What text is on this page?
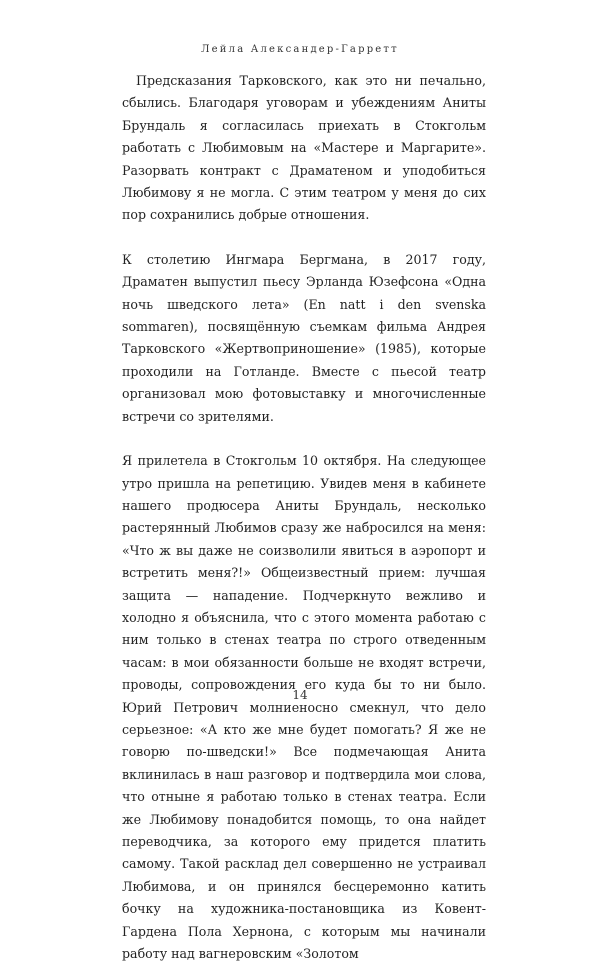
Лейла Александер-Гарретт

Предсказания Тарковского, как это ни печально, сбылись. Благодаря уговорам и убеждениям Аниты Брундаль я согласилась приехать в Стокгольм работать с Любимовым на «Мастере и Маргарите». Разорвать контракт с Драматеном и уподобиться Любимову я не могла. С этим театром у меня до сих пор сохранились добрые отношения.

К столетию Ингмара Бергмана, в 2017 году, Драматен выпустил пьесу Эрланда Юзефсона «Одна ночь шведского лета» (En natt i den svenska sommaren), посвящённую съемкам фильма Андрея Тарковского «Жертвоприношение» (1985), которые проходили на Готланде. Вместе с пьесой театр организовал мою фотовыставку и многочисленные встречи со зрителями.

Я прилетела в Стокгольм 10 октября. На следующее утро пришла на репетицию. Увидев меня в кабинете нашего продюсера Аниты Брундаль, несколько растерянный Любимов сразу же набросился на меня: «Что ж вы даже не соизволили явиться в аэропорт и встретить меня?!» Общеизвестный прием: лучшая защита — нападение. Подчеркнуто вежливо и холодно я объяснила, что с этого момента работаю с ним только в стенах театра по строго отведенным часам: в мои обязанности больше не входят встречи, проводы, сопровождения его куда бы то ни было. Юрий Петрович молниеносно смекнул, что дело серьезное: «А кто же мне будет помогать? Я же не говорю по-шведски!» Все подмечающая Анита вклинилась в наш разговор и подтвердила мои слова, что отныне я работаю только в стенах театра. Если же Любимову понадобится помощь, то она найдет переводчика, за которого ему придется платить самому. Такой расклад дел совершенно не устраивал Любимова, и он принялся бесцеремонно катить бочку на художника-постановщика из Ковент-Гардена Пола Хернона, с которым мы начинали работу над вагнеровским «Золотом

14
